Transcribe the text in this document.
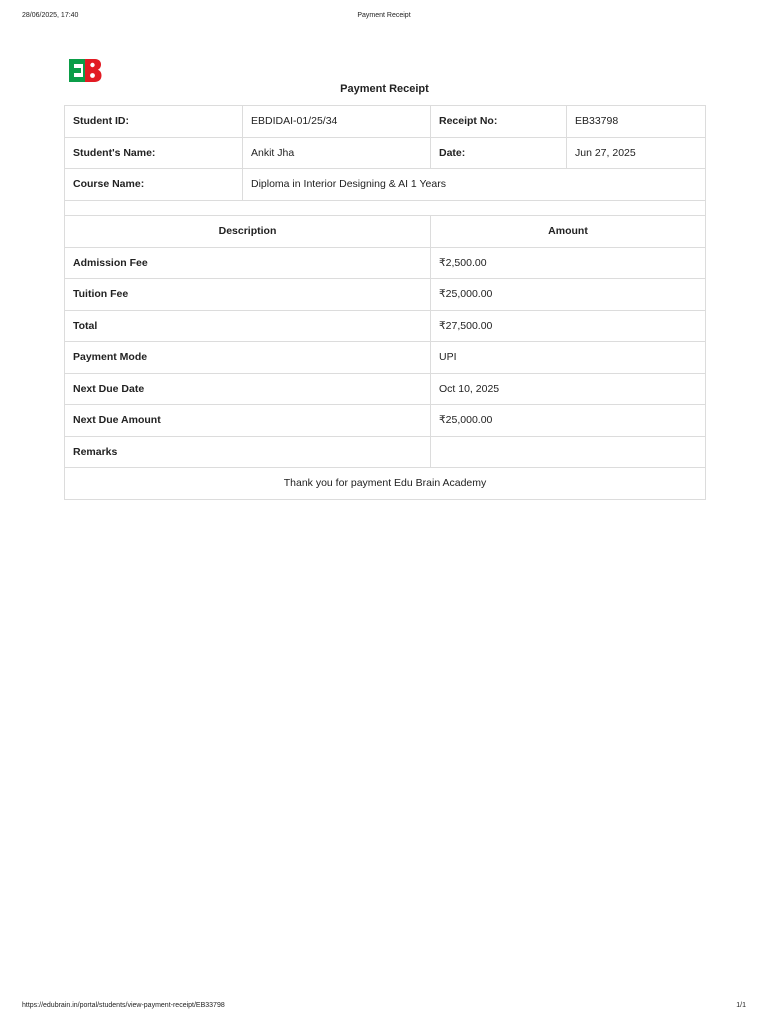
28/06/2025, 17:40	Payment Receipt
Payment Receipt
Student ID:	EBDIDAI-01/25/34	Receipt No:	EB33798
Student's Name:	Ankit Jha	Date:	Jun 27, 2025
Course Name:	Diploma in Interior Designing & AI 1 Years		

Description	Amount
Admission Fee	₹2,500.00
Tuition Fee	₹25,000.00
Total	₹27,500.00
Payment Mode	UPI
Next Due Date	Oct 10, 2025
Next Due Amount	₹25,000.00
Remarks	
Thank you for payment Edu Brain Academy	
https://edubrain.in/portal/students/view-payment-receipt/EB33798	1/1
